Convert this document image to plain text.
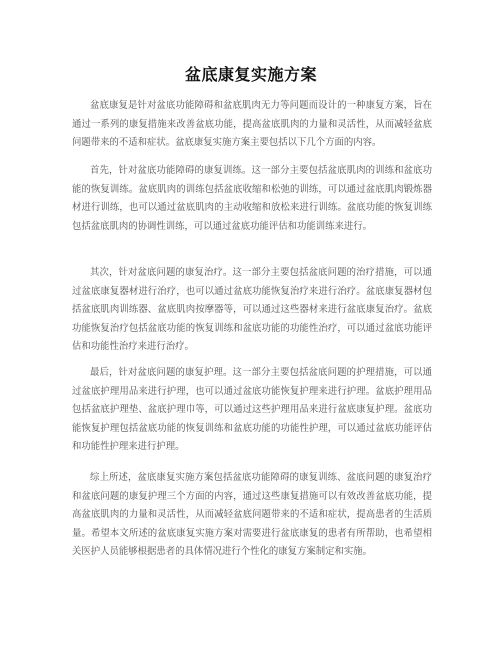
盆底康复实施方案

盆底康复是针对盆底功能障碍和盆底肌肉无力等问题而设计的一种康复方案，旨在通过一系列的康复措施来改善盆底功能，提高盆底肌肉的力量和灵活性，从而减轻盆底问题带来的不适和症状。盆底康复实施方案主要包括以下几个方面的内容。

首先，针对盆底功能障碍的康复训练。这一部分主要包括盆底肌肉的训练和盆底功能的恢复训练。盆底肌肉的训练包括盆底收缩和松弛的训练，可以通过盆底肌肉锻炼器材进行训练，也可以通过盆底肌肉的主动收缩和放松来进行训练。盆底功能的恢复训练包括盆底肌肉的协调性训练，可以通过盆底功能评估和功能训练来进行。

其次，针对盆底问题的康复治疗。这一部分主要包括盆底问题的治疗措施，可以通过盆底康复器材进行治疗，也可以通过盆底功能恢复治疗来进行治疗。盆底康复器材包括盆底肌肉训练器、盆底肌肉按摩器等，可以通过这些器材来进行盆底康复治疗。盆底功能恢复治疗包括盆底功能的恢复训练和盆底功能的功能性治疗，可以通过盆底功能评估和功能性治疗来进行治疗。

最后，针对盆底问题的康复护理。这一部分主要包括盆底问题的护理措施，可以通过盆底护理用品来进行护理，也可以通过盆底功能恢复护理来进行护理。盆底护理用品包括盆底护理垫、盆底护理巾等，可以通过这些护理用品来进行盆底康复护理。盆底功能恢复护理包括盆底功能的恢复训练和盆底功能的功能性护理，可以通过盆底功能评估和功能性护理来进行护理。

综上所述，盆底康复实施方案包括盆底功能障碍的康复训练、盆底问题的康复治疗和盆底问题的康复护理三个方面的内容，通过这些康复措施可以有效改善盆底功能，提高盆底肌肉的力量和灵活性，从而减轻盆底问题带来的不适和症状，提高患者的生活质量。希望本文所述的盆底康复实施方案对需要进行盆底康复的患者有所帮助，也希望相关医护人员能够根据患者的具体情况进行个性化的康复方案制定和实施。
